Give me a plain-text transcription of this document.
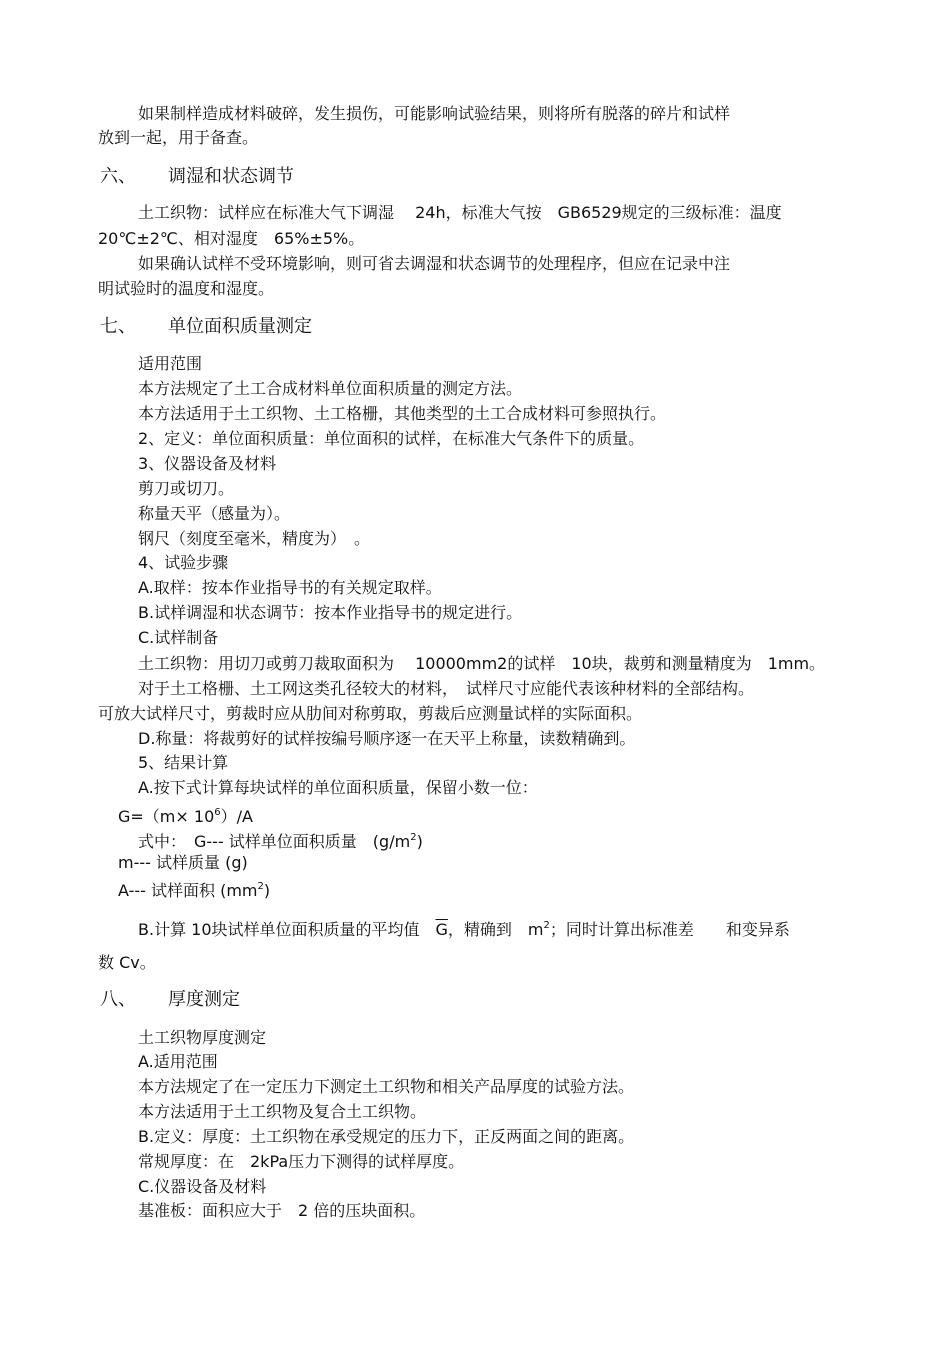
如果制样造成材料破碎，发生损伤，可能影响试验结果，则将所有脱落的碎片和试样
放到一起，用于备查。
六、 调湿和状态调节
土工织物：试样应在标准大气下调湿　 24h，标准大气按　GB6529规定的三级标准：温度
20℃±2℃、相对湿度　65%±5%。
如果确认试样不受环境影响，则可省去调湿和状态调节的处理程序，但应在记录中注
明试验时的温度和湿度。
七、 单位面积质量测定
适用范围
本方法规定了土工合成材料单位面积质量的测定方法。
本方法适用于土工织物、土工格栅，其他类型的土工合成材料可参照执行。
2、定义：单位面积质量：单位面积的试样，在标准大气条件下的质量。
3、仪器设备及材料
剪刀或切刀。
称量天平（感量为）。
钢尺（刻度至毫米，精度为）　。
4、试验步骤
A.取样：按本作业指导书的有关规定取样。
B.试样调湿和状态调节：按本作业指导书的规定进行。
C.试样制备
土工织物：用切刀或剪刀裁取面积为　 10000mm2的试样　10块，裁剪和测量精度为　1mm。
对于土工格栅、土工网这类孔径较大的材料，　试样尺寸应能代表该种材料的全部结构。
可放大试样尺寸，剪裁时应从肋间对称剪取，剪裁后应测量试样的实际面积。
D.称量：将裁剪好的试样按编号顺序逐一在天平上称量，读数精确到。
5、结果计算
A.按下式计算每块试样的单位面积质量，保留小数一位：
$G=(m\times 10^6)/A$
式中：　G--- 试样单位面积质量　$(g/m^2)$
m--- 试样质量 (g)
A--- 试样面积 $(mm^2)$
B.计算 10块试样单位面积质量的平均值　$\overline{G}$，精确到　$m^2$；同时计算出标准差　　和变异系
数 Cv。
八、 厚度测定
土工织物厚度测定
A.适用范围
本方法规定了在一定压力下测定土工织物和相关产品厚度的试验方法。
本方法适用于土工织物及复合土工织物。
B.定义：厚度：土工织物在承受规定的压力下，正反两面之间的距离。
常规厚度：在　2kPa压力下测得的试样厚度。
C.仪器设备及材料
基准板：面积应大于　2 倍的压块面积。
